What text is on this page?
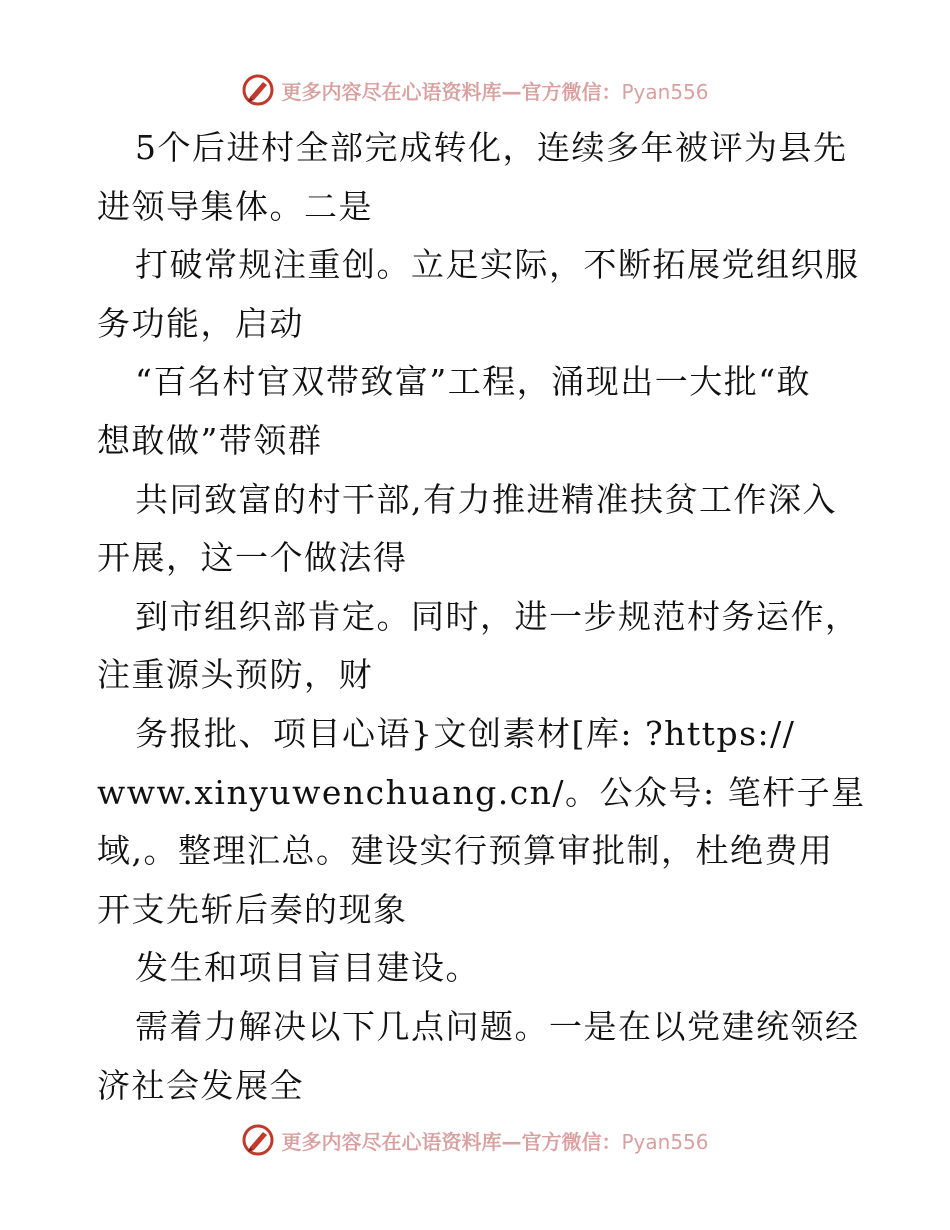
更多内容尽在心语资料库—官方微信：Pyan556
5个后进村全部完成转化，连续多年被评为县先
进领导集体。二是
打破常规注重创。立足实际，不断拓展党组织服
务功能，启动
“百名村官双带致富”工程，涌现出一大批“敢
想敢做”带领群
共同致富的村干部,有力推进精准扶贫工作深入
开展，这一个做法得
到市组织部肯定。同时，进一步规范村务运作，
注重源头预防，财
务报批、项目心语}文创素材[库: ?https://
www.xinyuwenchuang.cn/。公众号: 笔杆子星
域,。整理汇总。建设实行预算审批制，杜绝费用
开支先斩后奏的现象
发生和项目盲目建设。
需着力解决以下几点问题。一是在以党建统领经
济社会发展全
更多内容尽在心语资料库—官方微信：Pyan556
